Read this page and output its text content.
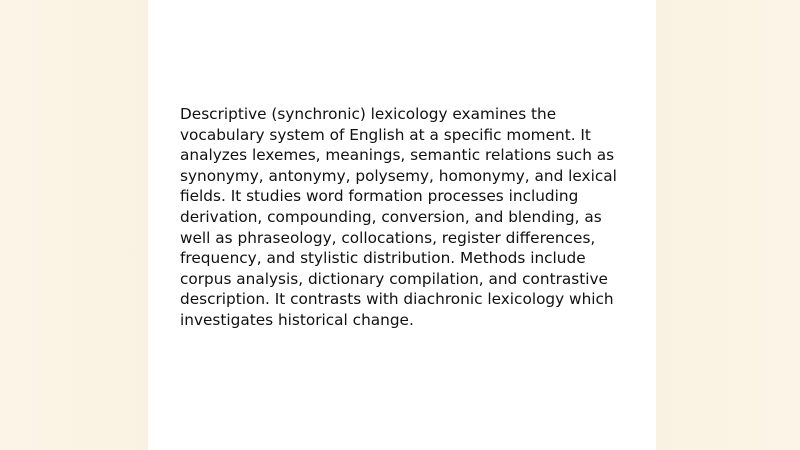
Descriptive (synchronic) lexicology examines the vocabulary system of English at a specific moment. It analyzes lexemes, meanings, semantic relations such as synonymy, antonymy, polysemy, homonymy, and lexical fields. It studies word formation processes including derivation, compounding, conversion, and blending, as well as phraseology, collocations, register differences, frequency, and stylistic distribution. Methods include corpus analysis, dictionary compilation, and contrastive description. It contrasts with diachronic lexicology which investigates historical change.
